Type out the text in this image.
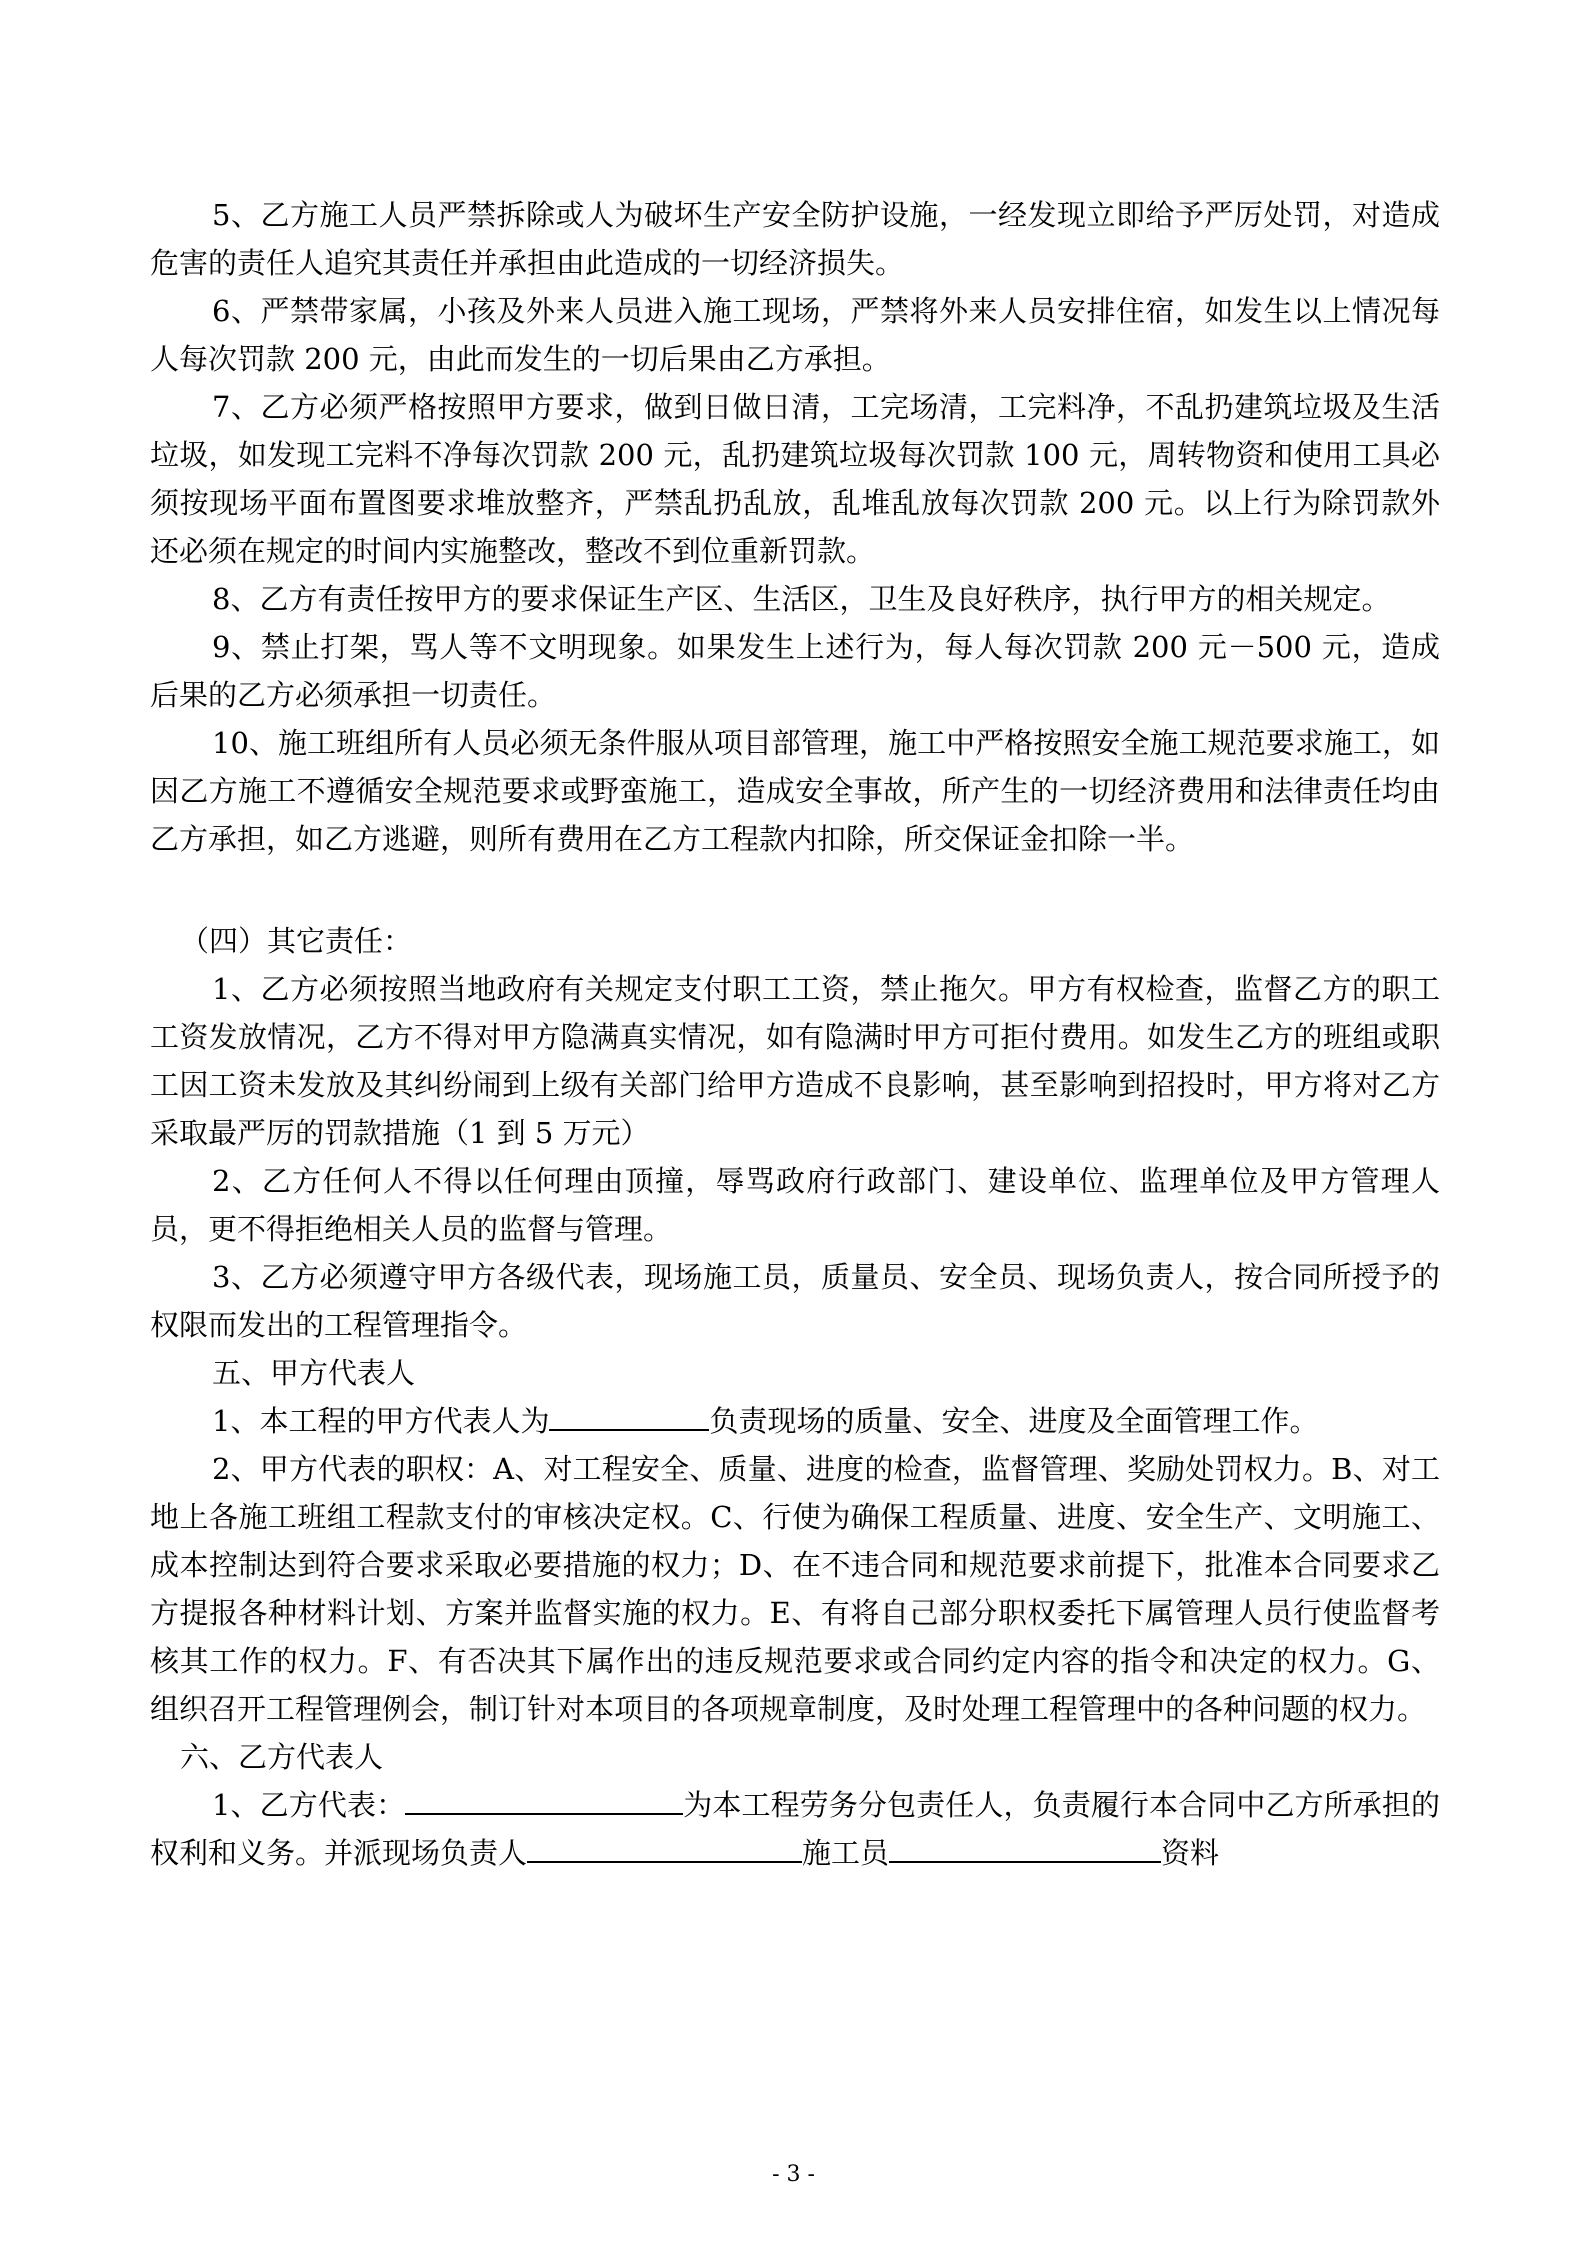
5、乙方施工人员严禁拆除或人为破坏生产安全防护设施，一经发现立即给予严厉处罚，对造成危害的责任人追究其责任并承担由此造成的一切经济损失。

6、严禁带家属，小孩及外来人员进入施工现场，严禁将外来人员安排住宿，如发生以上情况每人每次罚款 200 元，由此而发生的一切后果由乙方承担。

7、乙方必须严格按照甲方要求，做到日做日清，工完场清，工完料净，不乱扔建筑垃圾及生活垃圾，如发现工完料不净每次罚款 200 元，乱扔建筑垃圾每次罚款 100 元，周转物资和使用工具必须按现场平面布置图要求堆放整齐，严禁乱扔乱放，乱堆乱放每次罚款 200 元。以上行为除罚款外还必须在规定的时间内实施整改，整改不到位重新罚款。

8、乙方有责任按甲方的要求保证生产区、生活区，卫生及良好秩序，执行甲方的相关规定。

9、禁止打架，骂人等不文明现象。如果发生上述行为，每人每次罚款 200 元－500 元，造成后果的乙方必须承担一切责任。

10、施工班组所有人员必须无条件服从项目部管理，施工中严格按照安全施工规范要求施工，如因乙方施工不遵循安全规范要求或野蛮施工，造成安全事故，所产生的一切经济费用和法律责任均由乙方承担，如乙方逃避，则所有费用在乙方工程款内扣除，所交保证金扣除一半。

（四）其它责任：

1、乙方必须按照当地政府有关规定支付职工工资，禁止拖欠。甲方有权检查，监督乙方的职工工资发放情况，乙方不得对甲方隐满真实情况，如有隐满时甲方可拒付费用。如发生乙方的班组或职工因工资未发放及其纠纷闹到上级有关部门给甲方造成不良影响，甚至影响到招投时，甲方将对乙方采取最严厉的罚款措施（1 到 5 万元）

2、乙方任何人不得以任何理由顶撞，辱骂政府行政部门、建设单位、监理单位及甲方管理人员，更不得拒绝相关人员的监督与管理。

3、乙方必须遵守甲方各级代表，现场施工员，质量员、安全员、现场负责人，按合同所授予的权限而发出的工程管理指令。

五、甲方代表人

1、本工程的甲方代表人为	负责现场的质量、安全、进度及全面管理工作。

2、甲方代表的职权：A、对工程安全、质量、进度的检查，监督管理、奖励处罚权力。B、对工地上各施工班组工程款支付的审核决定权。C、行使为确保工程质量、进度、安全生产、文明施工、成本控制达到符合要求采取必要措施的权力；D、在不违合同和规范要求前提下，批准本合同要求乙方提报各种材料计划、方案并监督实施的权力。E、有将自己部分职权委托下属管理人员行使监督考核其工作的权力。F、有否决其下属作出的违反规范要求或合同约定内容的指令和决定的权力。G、组织召开工程管理例会，制订针对本项目的各项规章制度，及时处理工程管理中的各种问题的权力。

六、乙方代表人

1、乙方代表：	为本工程劳务分包责任人，负责履行本合同中乙方所承担的权利和义务。并派现场负责人	施工员	资料

- 3 -
